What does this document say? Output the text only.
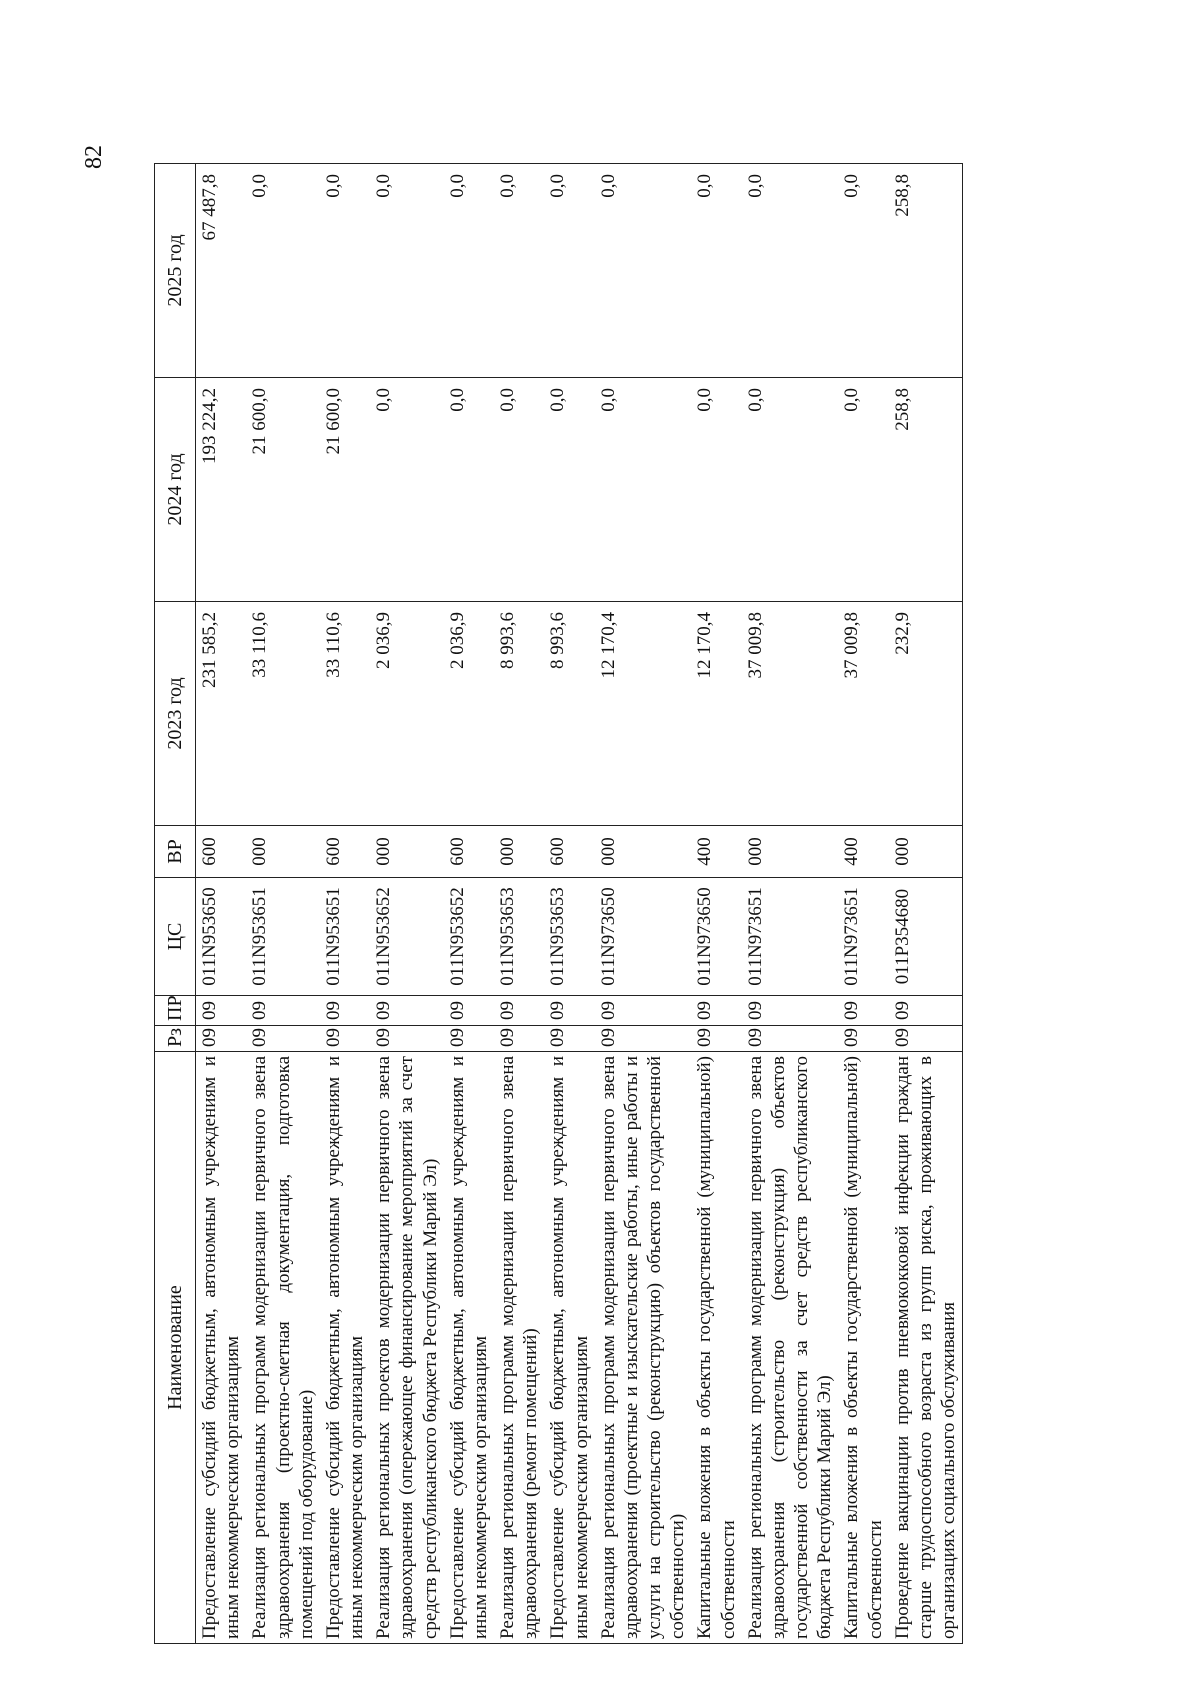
82
Наименование	Рз	ПР	ЦС	ВР	2023 год	2024 год	2025 год
Предоставление субсидий бюджетным, автономным учреждениям и иным некоммерческим организациям	09	09	011N953650	600	231 585,2	193 224,2	67 487,8
Реализация региональных программ модернизации первичного звена здравоохранения (проектно-сметная документация, подготовка помещений под оборудование)	09	09	011N953651	000	33 110,6	21 600,0	0,0
Предоставление субсидий бюджетным, автономным учреждениям и иным некоммерческим организациям	09	09	011N953651	600	33 110,6	21 600,0	0,0
Реализация региональных проектов модернизации первичного звена здравоохранения (опережающее финансирование мероприятий за счет средств республиканского бюджета Республики Марий Эл)	09	09	011N953652	000	2 036,9	0,0	0,0
Предоставление субсидий бюджетным, автономным учреждениям и иным некоммерческим организациям	09	09	011N953652	600	2 036,9	0,0	0,0
Реализация региональных программ модернизации первичного звена здравоохранения (ремонт помещений)	09	09	011N953653	000	8 993,6	0,0	0,0
Предоставление субсидий бюджетным, автономным учреждениям и иным некоммерческим организациям	09	09	011N953653	600	8 993,6	0,0	0,0
Реализация региональных программ модернизации первичного звена здравоохранения (проектные и изыскательские работы, иные работы и услуги на строительство (реконструкцию) объектов государственной собственности)	09	09	011N973650	000	12 170,4	0,0	0,0
Капитальные вложения в объекты государственной (муниципальной) собственности	09	09	011N973650	400	12 170,4	0,0	0,0
Реализация региональных программ модернизации первичного звена здравоохранения (строительство (реконструкция) объектов государственной собственности за счет средств республиканского бюджета Республики Марий Эл)	09	09	011N973651	000	37 009,8	0,0	0,0
Капитальные вложения в объекты государственной (муниципальной) собственности	09	09	011N973651	400	37 009,8	0,0	0,0
Проведение вакцинации против пневмококковой инфекции граждан старше трудоспособного возраста из групп риска, проживающих в организациях социального обслуживания	09	09	011P354680	000	232,9	258,8	258,8
